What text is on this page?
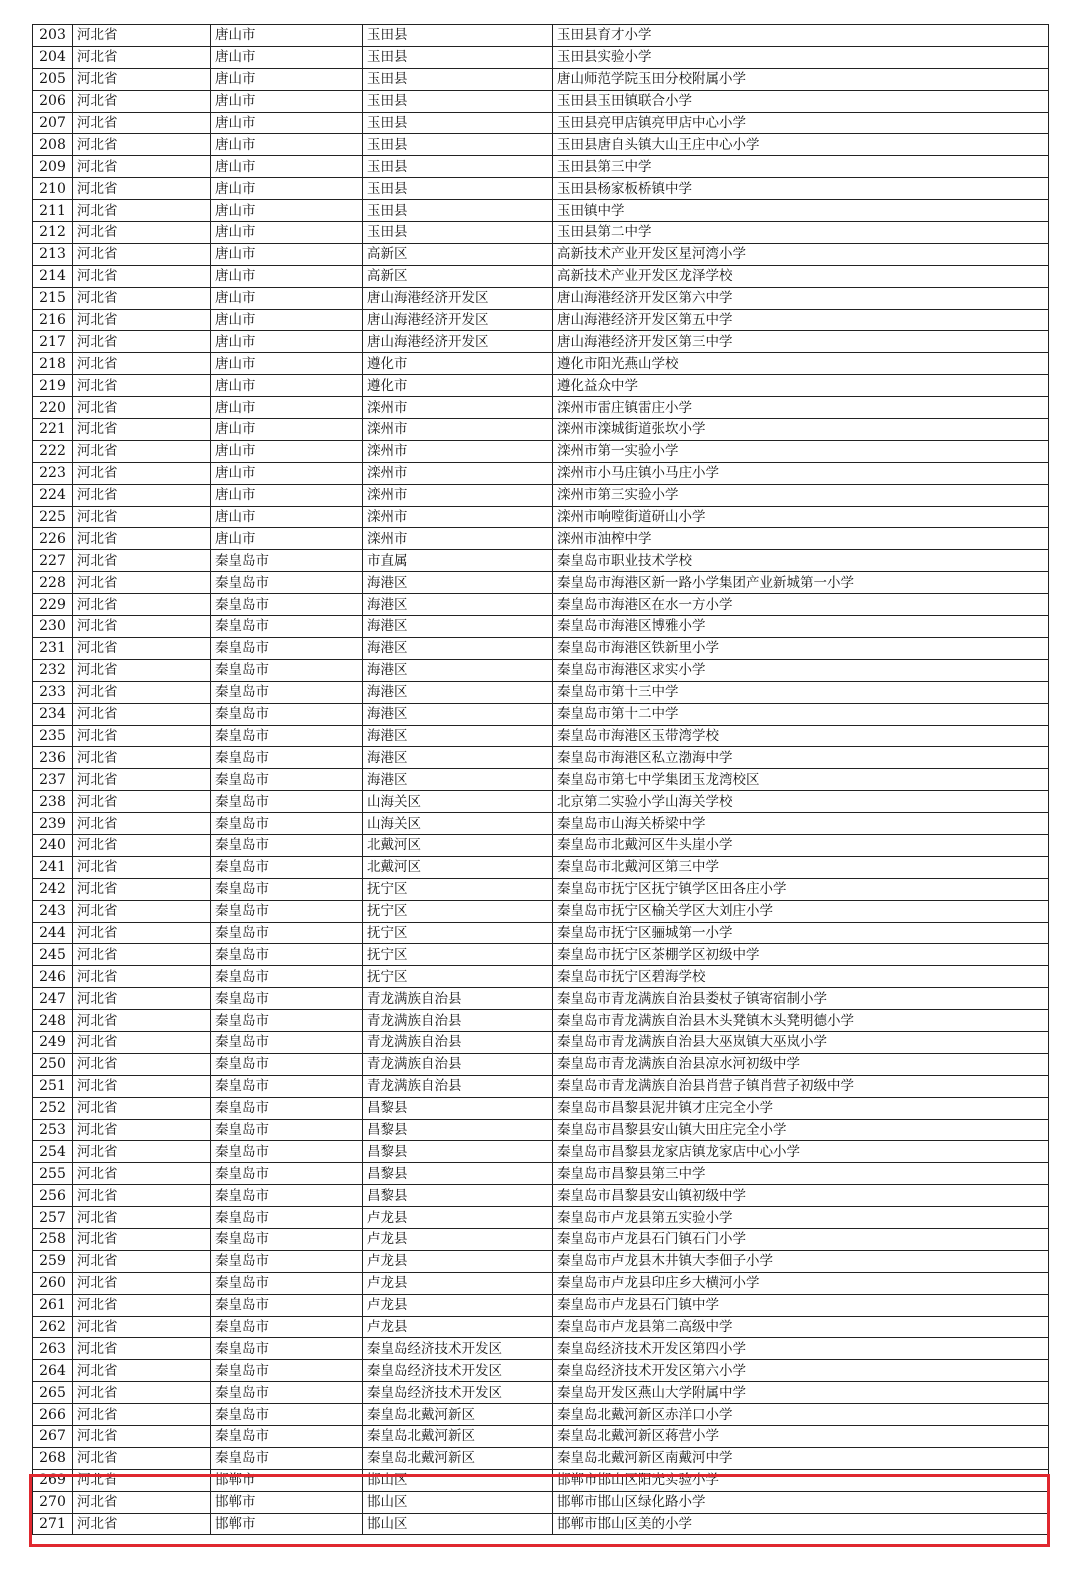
203	河北省	唐山市	玉田县	玉田县育才小学
204	河北省	唐山市	玉田县	玉田县实验小学
205	河北省	唐山市	玉田县	唐山师范学院玉田分校附属小学
206	河北省	唐山市	玉田县	玉田县玉田镇联合小学
207	河北省	唐山市	玉田县	玉田县亮甲店镇亮甲店中心小学
208	河北省	唐山市	玉田县	玉田县唐自头镇大山王庄中心小学
209	河北省	唐山市	玉田县	玉田县第三中学
210	河北省	唐山市	玉田县	玉田县杨家板桥镇中学
211	河北省	唐山市	玉田县	玉田镇中学
212	河北省	唐山市	玉田县	玉田县第二中学
213	河北省	唐山市	高新区	高新技术产业开发区星河湾小学
214	河北省	唐山市	高新区	高新技术产业开发区龙泽学校
215	河北省	唐山市	唐山海港经济开发区	唐山海港经济开发区第六中学
216	河北省	唐山市	唐山海港经济开发区	唐山海港经济开发区第五中学
217	河北省	唐山市	唐山海港经济开发区	唐山海港经济开发区第三中学
218	河北省	唐山市	遵化市	遵化市阳光燕山学校
219	河北省	唐山市	遵化市	遵化益众中学
220	河北省	唐山市	滦州市	滦州市雷庄镇雷庄小学
221	河北省	唐山市	滦州市	滦州市滦城街道张坎小学
222	河北省	唐山市	滦州市	滦州市第一实验小学
223	河北省	唐山市	滦州市	滦州市小马庄镇小马庄小学
224	河北省	唐山市	滦州市	滦州市第三实验小学
225	河北省	唐山市	滦州市	滦州市响嘡街道研山小学
226	河北省	唐山市	滦州市	滦州市油榨中学
227	河北省	秦皇岛市	市直属	秦皇岛市职业技术学校
228	河北省	秦皇岛市	海港区	秦皇岛市海港区新一路小学集团产业新城第一小学
229	河北省	秦皇岛市	海港区	秦皇岛市海港区在水一方小学
230	河北省	秦皇岛市	海港区	秦皇岛市海港区博雅小学
231	河北省	秦皇岛市	海港区	秦皇岛市海港区铁新里小学
232	河北省	秦皇岛市	海港区	秦皇岛市海港区求实小学
233	河北省	秦皇岛市	海港区	秦皇岛市第十三中学
234	河北省	秦皇岛市	海港区	秦皇岛市第十二中学
235	河北省	秦皇岛市	海港区	秦皇岛市海港区玉带湾学校
236	河北省	秦皇岛市	海港区	秦皇岛市海港区私立渤海中学
237	河北省	秦皇岛市	海港区	秦皇岛市第七中学集团玉龙湾校区
238	河北省	秦皇岛市	山海关区	北京第二实验小学山海关学校
239	河北省	秦皇岛市	山海关区	秦皇岛市山海关桥梁中学
240	河北省	秦皇岛市	北戴河区	秦皇岛市北戴河区牛头崖小学
241	河北省	秦皇岛市	北戴河区	秦皇岛市北戴河区第三中学
242	河北省	秦皇岛市	抚宁区	秦皇岛市抚宁区抚宁镇学区田各庄小学
243	河北省	秦皇岛市	抚宁区	秦皇岛市抚宁区榆关学区大刘庄小学
244	河北省	秦皇岛市	抚宁区	秦皇岛市抚宁区骊城第一小学
245	河北省	秦皇岛市	抚宁区	秦皇岛市抚宁区茶棚学区初级中学
246	河北省	秦皇岛市	抚宁区	秦皇岛市抚宁区碧海学校
247	河北省	秦皇岛市	青龙满族自治县	秦皇岛市青龙满族自治县娄杖子镇寄宿制小学
248	河北省	秦皇岛市	青龙满族自治县	秦皇岛市青龙满族自治县木头凳镇木头凳明德小学
249	河北省	秦皇岛市	青龙满族自治县	秦皇岛市青龙满族自治县大巫岚镇大巫岚小学
250	河北省	秦皇岛市	青龙满族自治县	秦皇岛市青龙满族自治县凉水河初级中学
251	河北省	秦皇岛市	青龙满族自治县	秦皇岛市青龙满族自治县肖营子镇肖营子初级中学
252	河北省	秦皇岛市	昌黎县	秦皇岛市昌黎县泥井镇才庄完全小学
253	河北省	秦皇岛市	昌黎县	秦皇岛市昌黎县安山镇大田庄完全小学
254	河北省	秦皇岛市	昌黎县	秦皇岛市昌黎县龙家店镇龙家店中心小学
255	河北省	秦皇岛市	昌黎县	秦皇岛市昌黎县第三中学
256	河北省	秦皇岛市	昌黎县	秦皇岛市昌黎县安山镇初级中学
257	河北省	秦皇岛市	卢龙县	秦皇岛市卢龙县第五实验小学
258	河北省	秦皇岛市	卢龙县	秦皇岛市卢龙县石门镇石门小学
259	河北省	秦皇岛市	卢龙县	秦皇岛市卢龙县木井镇大李佃子小学
260	河北省	秦皇岛市	卢龙县	秦皇岛市卢龙县印庄乡大横河小学
261	河北省	秦皇岛市	卢龙县	秦皇岛市卢龙县石门镇中学
262	河北省	秦皇岛市	卢龙县	秦皇岛市卢龙县第二高级中学
263	河北省	秦皇岛市	秦皇岛经济技术开发区	秦皇岛经济技术开发区第四小学
264	河北省	秦皇岛市	秦皇岛经济技术开发区	秦皇岛经济技术开发区第六小学
265	河北省	秦皇岛市	秦皇岛经济技术开发区	秦皇岛开发区燕山大学附属中学
266	河北省	秦皇岛市	秦皇岛北戴河新区	秦皇岛北戴河新区赤洋口小学
267	河北省	秦皇岛市	秦皇岛北戴河新区	秦皇岛北戴河新区蒋营小学
268	河北省	秦皇岛市	秦皇岛北戴河新区	秦皇岛北戴河新区南戴河中学
269	河北省	邯郸市	邯山区	邯郸市邯山区阳光实验小学
270	河北省	邯郸市	邯山区	邯郸市邯山区绿化路小学
271	河北省	邯郸市	邯山区	邯郸市邯山区美的小学
